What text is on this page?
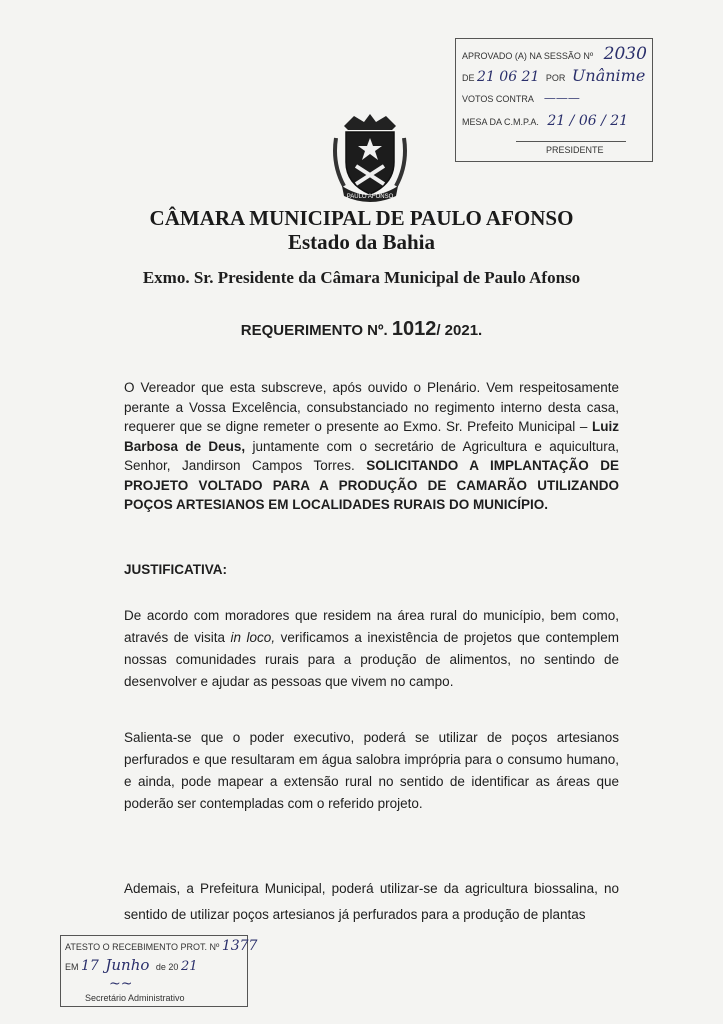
APROVADO (A) NA SESSÃO Nº 2030
DE 21 06 21 POR Unânime
VOTOS CONTRA ———
MESA DA C.M.P.A. 21 / 06 / 21
PRESIDENTE
PAULO AFONSO
CÂMARA MUNICIPAL DE PAULO AFONSO
Estado da Bahia
Exmo. Sr. Presidente da Câmara Municipal de Paulo Afonso
REQUERIMENTO Nº. 1012/ 2021.
O Vereador que esta subscreve, após ouvido o Plenário. Vem respeitosamente perante a Vossa Excelência, consubstanciado no regimento interno desta casa, requerer que se digne remeter o presente ao Exmo. Sr. Prefeito Municipal – Luiz Barbosa de Deus, juntamente com o secretário de Agricultura e aquicultura, Senhor, Jandirson Campos Torres. SOLICITANDO A IMPLANTAÇÃO DE PROJETO VOLTADO PARA A PRODUÇÃO DE CAMARÃO UTILIZANDO POÇOS ARTESIANOS EM LOCALIDADES RURAIS DO MUNICÍPIO.
JUSTIFICATIVA:
De acordo com moradores que residem na área rural do município, bem como, através de visita in loco, verificamos a inexistência de projetos que contemplem nossas comunidades rurais para a produção de alimentos, no sentindo de desenvolver e ajudar as pessoas que vivem no campo.
Salienta-se que o poder executivo, poderá se utilizar de poços artesianos perfurados e que resultaram em água salobra imprópria para o consumo humano, e ainda, pode mapear a extensão rural no sentido de identificar as áreas que poderão ser contempladas com o referido projeto.
Ademais, a Prefeitura Municipal, poderá utilizar-se da agricultura biossalina, no sentido de utilizar poços artesianos já perfurados para a produção de plantas
ATESTO O RECEBIMENTO PROT. Nº 1377
EM 17 Junho de 20 21
~~
Secretário Administrativo
